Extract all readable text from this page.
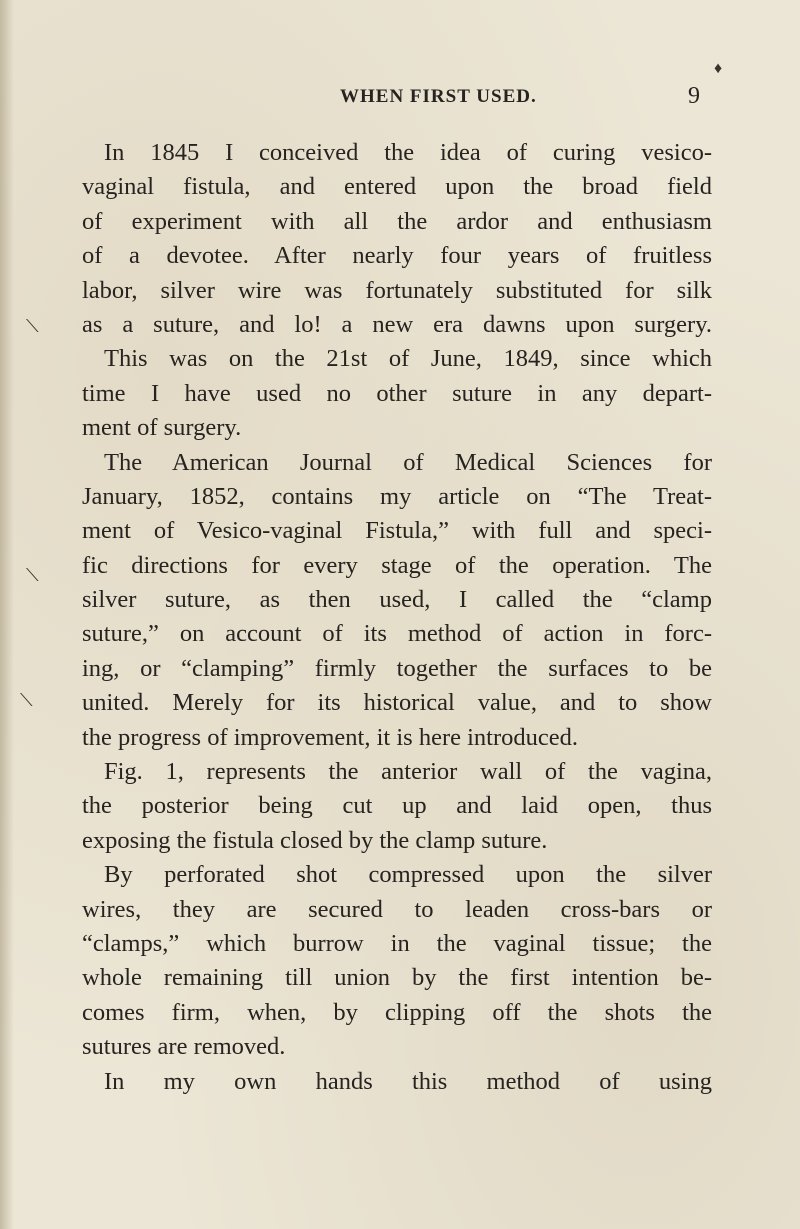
WHEN FIRST USED.	9
In 1845 I conceived the idea of curing vesico-
vaginal fistula, and entered upon the broad field
of experiment with all the ardor and enthusiasm
of a devotee. After nearly four years of fruitless
labor, silver wire was fortunately substituted for silk
as a suture, and lo! a new era dawns upon surgery.
This was on the 21st of June, 1849, since which
time I have used no other suture in any depart-
ment of surgery.
The American Journal of Medical Sciences for
January, 1852, contains my article on “The Treat-
ment of Vesico-vaginal Fistula,” with full and speci-
fic directions for every stage of the operation. The
silver suture, as then used, I called the “clamp
suture,” on account of its method of action in forc-
ing, or “clamping” firmly together the surfaces to be
united. Merely for its historical value, and to show
the progress of improvement, it is here introduced.
Fig. 1, represents the anterior wall of the vagina,
the posterior being cut up and laid open, thus
exposing the fistula closed by the clamp suture.
By perforated shot compressed upon the silver
wires, they are secured to leaden cross-bars or
“clamps,” which burrow in the vaginal tissue; the
whole remaining till union by the first intention be-
comes firm, when, by clipping off the shots the
sutures are removed.
In my own hands this method of using
⟍
⟍
⟍
♦
